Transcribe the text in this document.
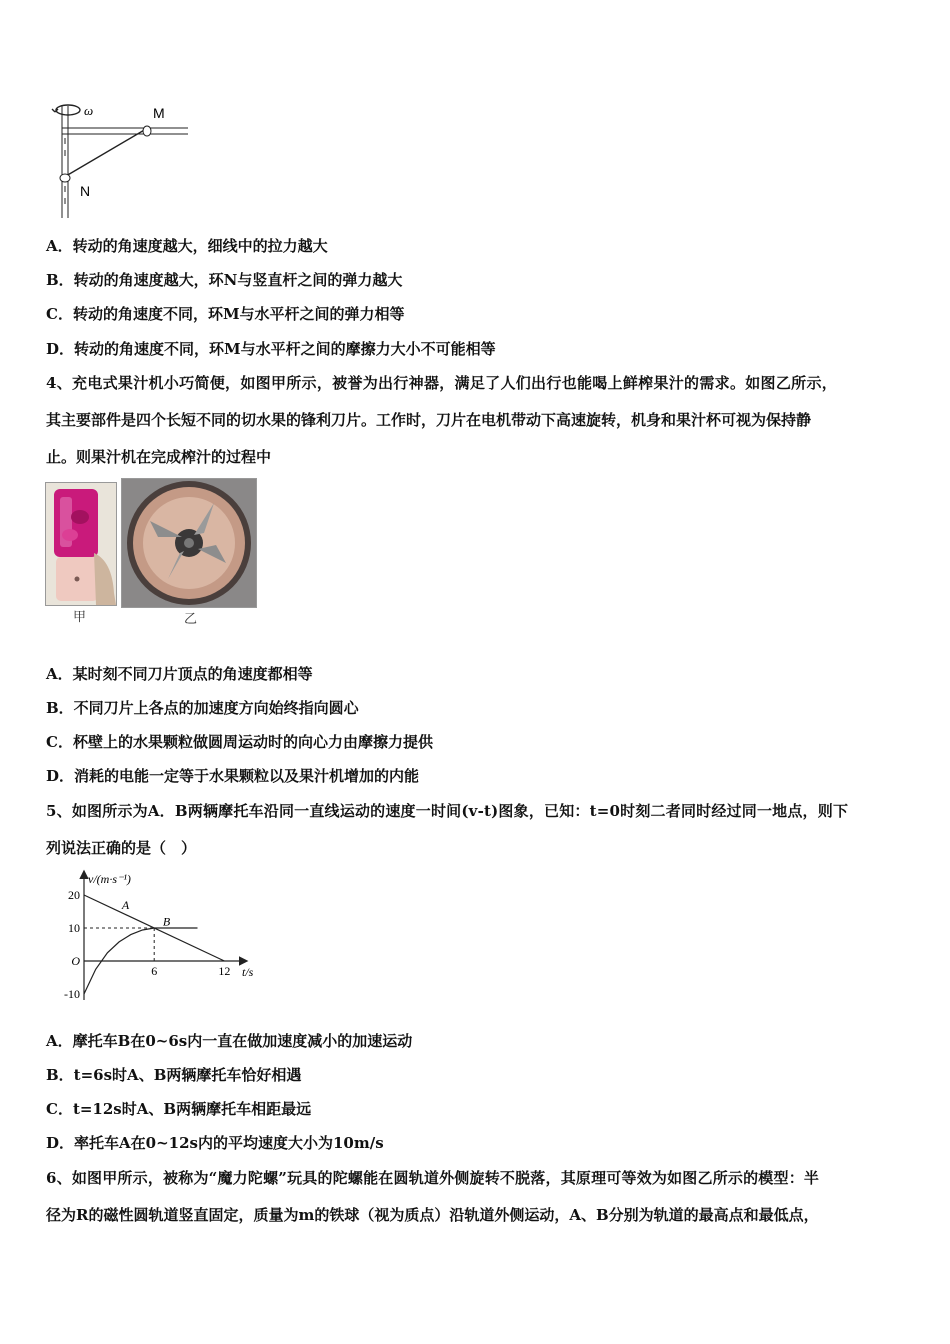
ω	M
N
A．转动的角速度越大，细线中的拉力越大
B．转动的角速度越大，环N与竖直杆之间的弹力越大
C．转动的角速度不同，环M与水平杆之间的弹力相等
D．转动的角速度不同，环M与水平杆之间的摩擦力大小不可能相等
4、充电式果汁机小巧简便，如图甲所示，被誉为出行神器，满足了人们出行也能喝上鲜榨果汁的需求。如图乙所示，
其主要部件是四个长短不同的切水果的锋利刀片。工作时，刀片在电机带动下高速旋转，机身和果汁杯可视为保持静
止。则果汁机在完成榨汁的过程中
甲	乙
A．某时刻不同刀片顶点的角速度都相等
B．不同刀片上各点的加速度方向始终指向圆心
C．杯壁上的水果颗粒做圆周运动时的向心力由摩擦力提供
D．消耗的电能一定等于水果颗粒以及果汁机增加的内能
5、如图所示为A．B两辆摩托车沿同一直线运动的速度一时间(v-t)图象，已知：t=0时刻二者同时经过同一地点，则下
列说法正确的是（　）
v/(m·s⁻¹)
t/s
A
B
20
10
O
-10
6	12
A．摩托车B在0~6s内一直在做加速度减小的加速运动
B．t=6s时A、B两辆摩托车恰好相遇
C．t=12s时A、B两辆摩托车相距最远
D．率托车A在0~12s内的平均速度大小为10m/s
6、如图甲所示，被称为“魔力陀螺”玩具的陀螺能在圆轨道外侧旋转不脱落，其原理可等效为如图乙所示的模型：半
径为R的磁性圆轨道竖直固定，质量为m的铁球（视为质点）沿轨道外侧运动，A、B分别为轨道的最高点和最低点，
